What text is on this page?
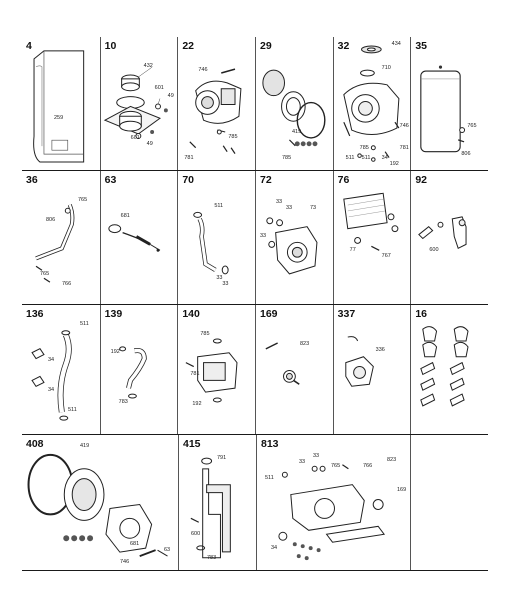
4
259
10
432
601
49
601
49
22
746
785
781
29
419
785
32	434
710
746
785	781
511 511 34
192
35
765
806
36
765
806
765
766
63
681
70
511
33
33
72
33
33	73
33
76
77
767
92
600
136
511
34
34
511
139
192
783
140
785
781
192
169
823
337
336
16
408	419
681
63
746
415
791
600
783
813
33
33
765	766
823
511
169
34
